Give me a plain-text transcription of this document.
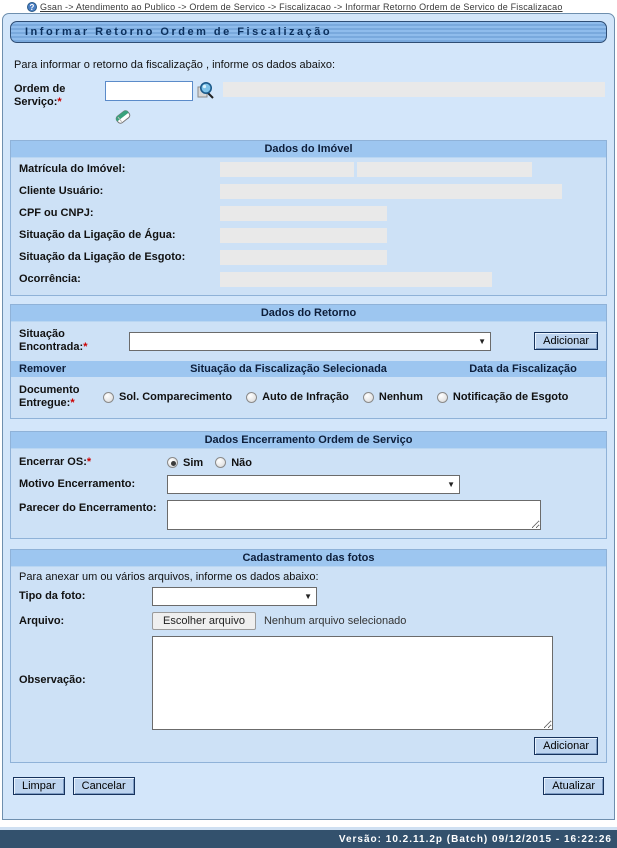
? Gsan -> Atendimento ao Publico -> Ordem de Servico -> Fiscalizacao -> Informar Retorno Ordem de Servico de Fiscalizacao
Informar Retorno Ordem de Fiscalização
Para informar o retorno da fiscalização , informe os dados abaixo:
Ordem de Serviço:*
Dados do Imóvel
Matrícula do Imóvel:
Cliente Usuário:
CPF ou CNPJ:
Situação da Ligação de Água:
Situação da Ligação de Esgoto:
Ocorrência:
Dados do Retorno
Situação Encontrada:*	▼	Adicionar
Remover	Situação da Fiscalização Selecionada	Data da Fiscalização
Documento Entregue:*	Sol. Comparecimento	Auto de Infração	Nenhum	Notificação de Esgoto
Dados Encerramento Ordem de Serviço
Encerrar OS:*	Sim	Não
Motivo Encerramento:	▼
Parecer do Encerramento:
Cadastramento das fotos
Para anexar um ou vários arquivos, informe os dados abaixo:
Tipo da foto:	▼
Arquivo:	Escolher arquivo	Nenhum arquivo selecionado
Observação:
Adicionar
Limpar	Cancelar	Atualizar
Versão: 10.2.11.2p (Batch) 09/12/2015 - 16:22:26
